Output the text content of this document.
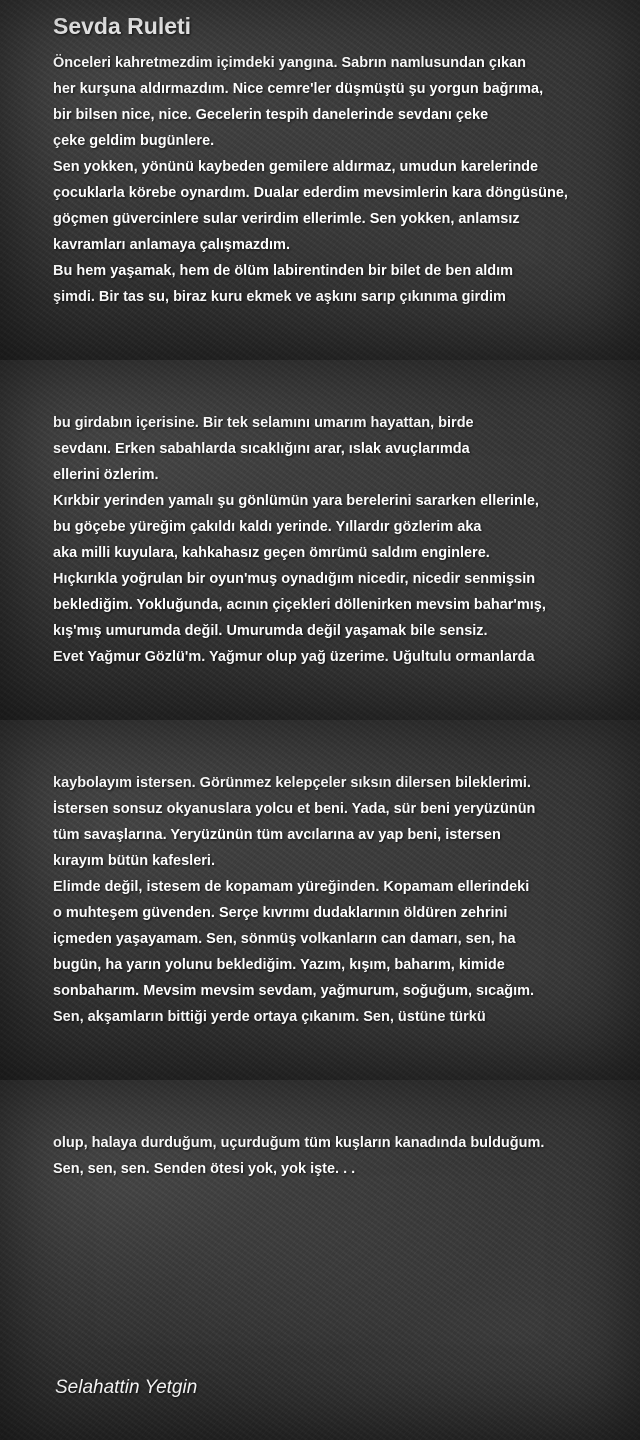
Sevda Ruleti
Önceleri kahretmezdim içimdeki yangına. Sabrın namlusundan çıkan
her kurşuna aldırmazdım. Nice cemre'ler düşmüştü şu yorgun bağrıma,
bir bilsen nice, nice. Gecelerin tespih danelerinde sevdanı çeke
çeke geldim bugünlere.
Sen yokken, yönünü kaybeden gemilere aldırmaz, umudun karelerinde
çocuklarla körebe oynardım. Dualar ederdim mevsimlerin kara döngüsüne,
göçmen güvercinlere sular verirdim ellerimle. Sen yokken, anlamsız
kavramları anlamaya çalışmazdım.
Bu hem yaşamak, hem de ölüm labirentinden bir bilet de ben aldım
şimdi. Bir tas su, biraz kuru ekmek ve aşkını sarıp çıkınıma girdim
bu girdabın içerisine. Bir tek selamını umarım hayattan, birde
sevdanı. Erken sabahlarda sıcaklığını arar, ıslak avuçlarımda
ellerini özlerim.
Kırkbir yerinden yamalı şu gönlümün yara berelerini sararken ellerinle,
bu göçebe yüreğim çakıldı kaldı yerinde. Yıllardır gözlerim aka
aka milli kuyulara, kahkahasız geçen ömrümü saldım enginlere.
Hıçkırıkla yoğrulan bir oyun'muş oynadığım nicedir, nicedir senmişsin
beklediğim. Yokluğunda, acının çiçekleri döllenirken mevsim bahar'mış,
kış'mış umurumda değil. Umurumda değil yaşamak bile sensiz.
Evet Yağmur Gözlü'm. Yağmur olup yağ üzerime. Uğultulu ormanlarda
kaybolayım istersen. Görünmez kelepçeler sıksın dilersen bileklerimi.
İstersen sonsuz okyanuslara yolcu et beni. Yada, sür beni yeryüzünün
tüm savaşlarına. Yeryüzünün tüm avcılarına av yap beni, istersen
kırayım bütün kafesleri.
Elimde değil, istesem de kopamam yüreğinden. Kopamam ellerindeki
o muhteşem güvenden. Serçe kıvrımı dudaklarının öldüren zehrini
içmeden yaşayamam. Sen, sönmüş volkanların can damarı, sen, ha
bugün, ha yarın yolunu beklediğim. Yazım, kışım, baharım, kimide
sonbaharım. Mevsim mevsim sevdam, yağmurum, soğuğum, sıcağım.
Sen, akşamların bittiği yerde ortaya çıkanım. Sen, üstüne türkü
olup, halaya durduğum, uçurduğum tüm kuşların kanadında bulduğum.
Sen, sen, sen. Senden ötesi yok, yok işte. . .
Selahattin Yetgin
